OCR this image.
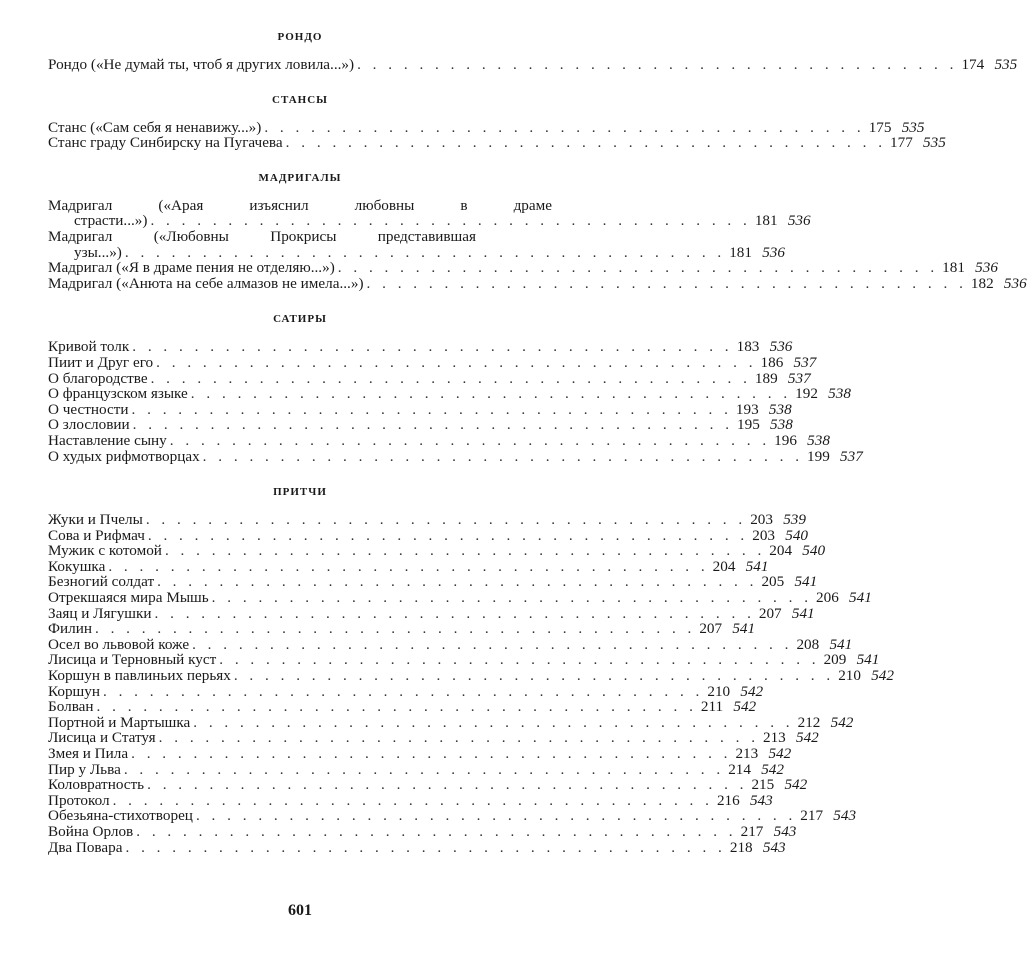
РОНДО
Рондо («Не думай ты, чтоб я других ловила...») . . . . . . . . . . . . . . . . . . . . . . . . . . . . . . . . . . . . . . . 174 535
СТАНСЫ
Станс («Сам себя я ненавижу...») . . . . . . . . . . . . . . . . . . . . . . . . . . . . . . . . . . . . . . . 175 535
Станс граду Синбирску на Пугачева . . . . . . . . . . . . . . . . . . . . . . . . . . . . . . . . . . . . . . . 177 535
МАДРИГАЛЫ
Мадригал	(«Арая	изъяснил	любовны	в	драме
страсти...») . . . . . . . . . . . . . . . . . . . . . . . . . . . . . . . . . . . . . . . 181 536
Мадригал	(«Любовны	Прокрисы	представившая
узы...») . . . . . . . . . . . . . . . . . . . . . . . . . . . . . . . . . . . . . . . 181 536
Мадригал («Я в драме пения не отделяю...») . . . . . . . . . . . . . . . . . . . . . . . . . . . . . . . . . . . . . . . 181 536
Мадригал («Анюта на себе алмазов не имела...») . . . . . . . . . . . . . . . . . . . . . . . . . . . . . . . . . . . . . . . 182 536
САТИРЫ
Кривой толк . . . . . . . . . . . . . . . . . . . . . . . . . . . . . . . . . . . . . . . 183 536
Пиит и Друг его . . . . . . . . . . . . . . . . . . . . . . . . . . . . . . . . . . . . . . . 186 537
О благородстве . . . . . . . . . . . . . . . . . . . . . . . . . . . . . . . . . . . . . . . 189 537
О французском языке . . . . . . . . . . . . . . . . . . . . . . . . . . . . . . . . . . . . . . . 192 538
О честности . . . . . . . . . . . . . . . . . . . . . . . . . . . . . . . . . . . . . . . 193 538
О злословии . . . . . . . . . . . . . . . . . . . . . . . . . . . . . . . . . . . . . . . 195 538
Наставление сыну . . . . . . . . . . . . . . . . . . . . . . . . . . . . . . . . . . . . . . . 196 538
О худых рифмотворцах . . . . . . . . . . . . . . . . . . . . . . . . . . . . . . . . . . . . . . . 199 537
ПРИТЧИ
Жуки и Пчелы . . . . . . . . . . . . . . . . . . . . . . . . . . . . . . . . . . . . . . . 203 539
Сова и Рифмач . . . . . . . . . . . . . . . . . . . . . . . . . . . . . . . . . . . . . . . 203 540
Мужик с котомой . . . . . . . . . . . . . . . . . . . . . . . . . . . . . . . . . . . . . . . 204 540
Кокушка . . . . . . . . . . . . . . . . . . . . . . . . . . . . . . . . . . . . . . . 204 541
Безногий солдат . . . . . . . . . . . . . . . . . . . . . . . . . . . . . . . . . . . . . . . 205 541
Отрекшаяся мира Мышь . . . . . . . . . . . . . . . . . . . . . . . . . . . . . . . . . . . . . . . 206 541
Заяц и Лягушки . . . . . . . . . . . . . . . . . . . . . . . . . . . . . . . . . . . . . . . 207 541
Филин . . . . . . . . . . . . . . . . . . . . . . . . . . . . . . . . . . . . . . . 207 541
Осел во львовой коже . . . . . . . . . . . . . . . . . . . . . . . . . . . . . . . . . . . . . . . 208 541
Лисица и Терновный куст . . . . . . . . . . . . . . . . . . . . . . . . . . . . . . . . . . . . . . . 209 541
Коршун в павлиньих перьях . . . . . . . . . . . . . . . . . . . . . . . . . . . . . . . . . . . . . . . 210 542
Коршун . . . . . . . . . . . . . . . . . . . . . . . . . . . . . . . . . . . . . . . 210 542
Болван . . . . . . . . . . . . . . . . . . . . . . . . . . . . . . . . . . . . . . . 211 542
Портной и Мартышка . . . . . . . . . . . . . . . . . . . . . . . . . . . . . . . . . . . . . . . 212 542
Лисица и Статуя . . . . . . . . . . . . . . . . . . . . . . . . . . . . . . . . . . . . . . . 213 542
Змея и Пила . . . . . . . . . . . . . . . . . . . . . . . . . . . . . . . . . . . . . . . 213 542
Пир у Льва . . . . . . . . . . . . . . . . . . . . . . . . . . . . . . . . . . . . . . . 214 542
Коловратность . . . . . . . . . . . . . . . . . . . . . . . . . . . . . . . . . . . . . . . 215 542
Протокол . . . . . . . . . . . . . . . . . . . . . . . . . . . . . . . . . . . . . . . 216 543
Обезьяна-стихотворец . . . . . . . . . . . . . . . . . . . . . . . . . . . . . . . . . . . . . . . 217 543
Война Орлов . . . . . . . . . . . . . . . . . . . . . . . . . . . . . . . . . . . . . . . 217 543
Два Повара . . . . . . . . . . . . . . . . . . . . . . . . . . . . . . . . . . . . . . . 218 543
601
